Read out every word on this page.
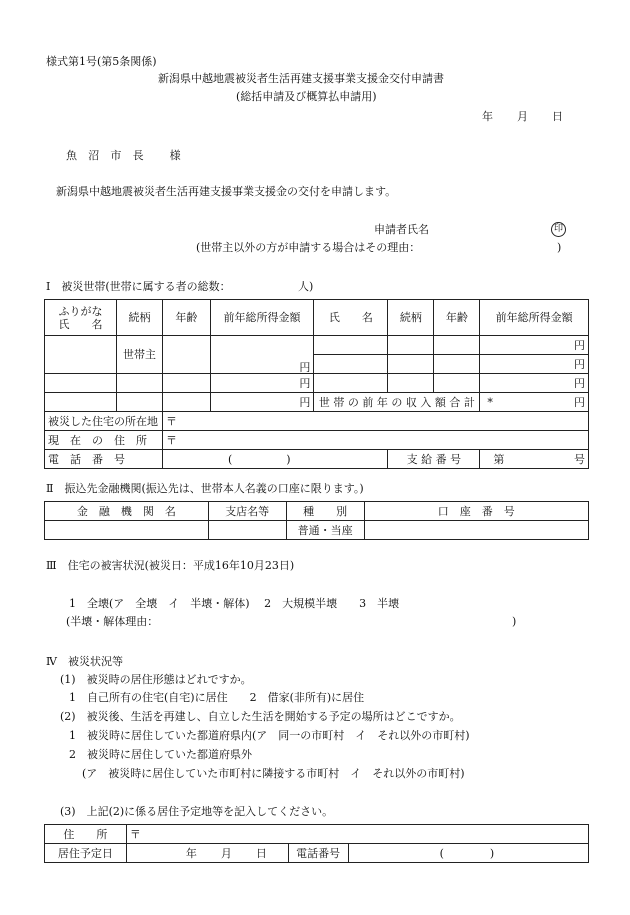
様式第1号(第5条関係)
新潟県中越地震被災者生活再建支援事業支援金交付申請書
(総括申請及び概算払申請用)
年 月 日
魚 沼 市 長　 様
新潟県中越地震被災者生活再建支援事業支援金の交付を申請します。
申請者氏名	印
(世帯主以外の方が申請する場合はその理由：	)
Ⅰ　被災世帯(世帯に属する者の総数：	人)
ふりがな
氏　　名	続柄	年齢	前年総所得金額	氏　　名	続柄	年齢	前年総所得金額
	世帯主		円				円
							円
			円				円
			円	世 帯 の 前 年 の 収 入 額 合 計			* 円

被災した住宅の所在地		〒					
現　在　の　住　所		〒					
電　話　番　号		( )			支 給 番 号		第 号
Ⅱ　振込先金融機関(振込先は、世帯本人名義の口座に限ります。)
金　融　機　関　名	支店名等	種　　別	口　座　番　号
		普通・当座	
Ⅲ　住宅の被害状況(被災日：平成16年10月23日)
1　全壊(ア　全壊　イ　半壊・解体)　 2　大規模半壊　　3　半壊
(半壊・解体理由：	)
Ⅳ　被災状況等
(1)　被災時の居住形態はどれですか。
1　自己所有の住宅(自宅)に居住　　2　借家(非所有)に居住
(2)　被災後、生活を再建し、自立した生活を開始する予定の場所はどこですか。
1　被災時に居住していた都道府県内(ア　同一の市町村　イ　それ以外の市町村)
2　被災時に居住していた都道府県外
(ア　被災時に居住していた市町村に隣接する市町村　イ　それ以外の市町村)
(3)　上記(2)に係る居住予定地等を記入してください。
住　　所	〒		
居住予定日	年 月 日	電話番号	( )
